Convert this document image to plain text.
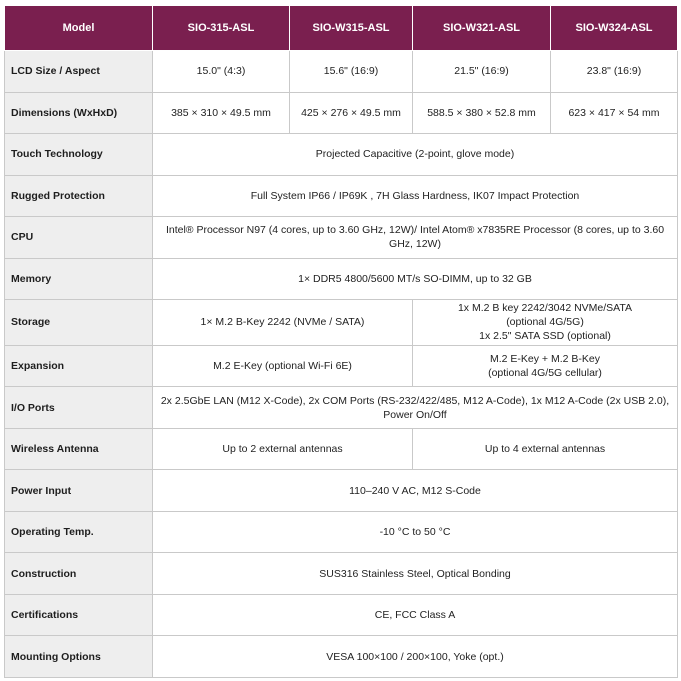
Model	SIO-315-ASL	SIO-W315-ASL	SIO-W321-ASL	SIO-W324-ASL
LCD Size / Aspect	15.0" (4:3)	15.6" (16:9)	21.5" (16:9)	23.8" (16:9)
Dimensions (WxHxD)	385 × 310 × 49.5 mm	425 × 276 × 49.5 mm	588.5 × 380 × 52.8 mm	623 × 417 × 54 mm
Touch Technology	Projected Capacitive (2-point, glove mode)			
Rugged Protection	Full System IP66 / IP69K , 7H Glass Hardness, IK07 Impact Protection			
CPU	Intel® Processor N97 (4 cores, up to 3.60 GHz, 12W)/ Intel Atom® x7835RE Processor (8 cores, up to 3.60 GHz, 12W)			
Memory	1× DDR5 4800/5600 MT/s SO-DIMM, up to 32 GB			
Storage	1× M.2 B-Key 2242 (NVMe / SATA)		1x M.2 B key 2242/3042 NVMe/SATA
(optional 4G/5G)
1x 2.5" SATA SSD (optional)	

Expansion	M.2 E-Key (optional Wi-Fi 6E)		M.2 E-Key + M.2 B-Key
(optional 4G/5G cellular)	

I/O Ports	2x 2.5GbE LAN (M12 X-Code), 2x COM Ports (RS-232/422/485, M12 A-Code), 1x M12 A-Code (2x USB 2.0), Power On/Off			
Wireless Antenna	Up to 2 external antennas		Up to 4 external antennas	
Power Input	110–240 V AC, M12 S-Code			
Operating Temp.	-10 °C to 50 °C			
Construction	SUS316 Stainless Steel, Optical Bonding			
Certifications	CE, FCC Class A			
Mounting Options	VESA 100×100 / 200×100, Yoke (opt.)			
